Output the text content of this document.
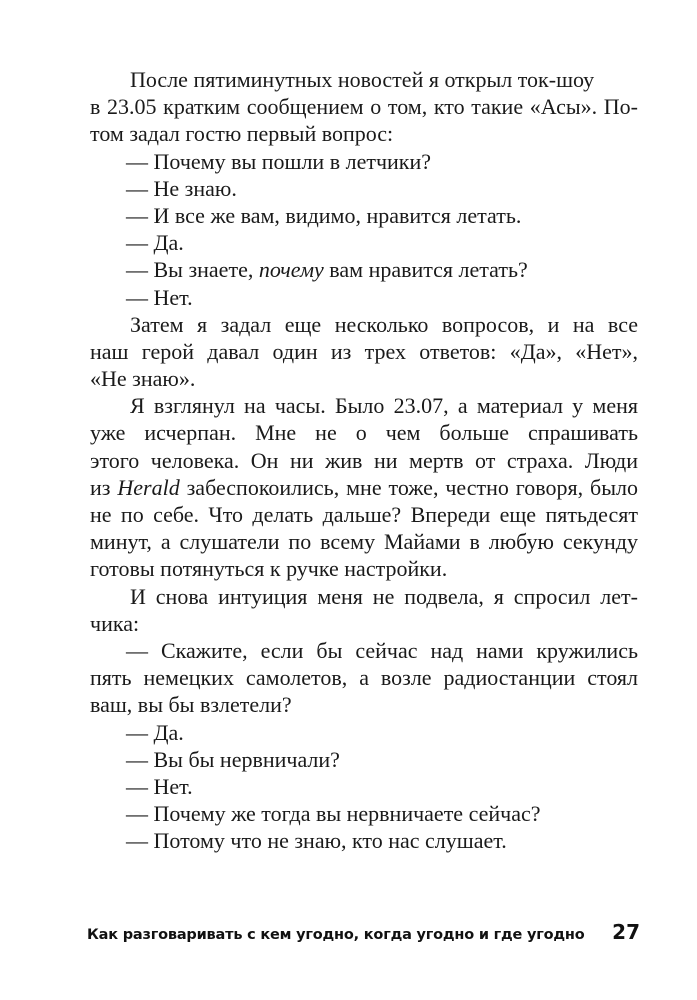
После пятиминутных новостей я открыл ток-шоу
в 23.05 кратким сообщением о том, кто такие «Асы». По-
том задал гостю первый вопрос:
— Почему вы пошли в летчики?
— Не знаю.
— И все же вам, видимо, нравится летать.
— Да.
— Вы знаете, почему вам нравится летать?
— Нет.
Затем я задал еще несколько вопросов, и на все
наш герой давал один из трех ответов: «Да», «Нет»,
«Не знаю».
Я взглянул на часы. Было 23.07, а материал у меня
уже исчерпан. Мне не о чем больше спрашивать
этого человека. Он ни жив ни мертв от страха. Люди
из Herald забеспокоились, мне тоже, честно говоря, было
не по себе. Что делать дальше? Впереди еще пятьдесят
минут, а слушатели по всему Майами в любую секунду
готовы потянуться к ручке настройки.
И снова интуиция меня не подвела, я спросил лет-
чика:
— Скажите, если бы сейчас над нами кружились
пять немецких самолетов, а возле радиостанции стоял
ваш, вы бы взлетели?
— Да.
— Вы бы нервничали?
— Нет.
— Почему же тогда вы нервничаете сейчас?
— Потому что не знаю, кто нас слушает.
Как разговаривать с кем угодно, когда угодно и где угодно 27
